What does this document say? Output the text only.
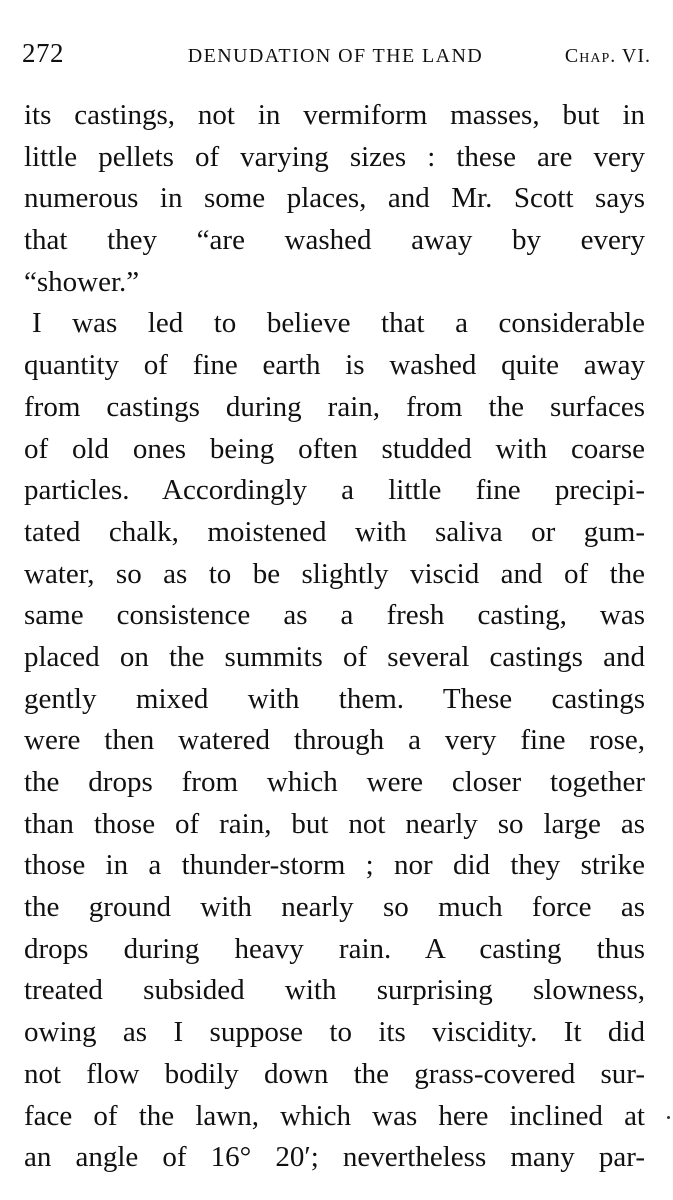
272	DENUDATION OF THE LAND	Chap. VI.
its castings, not in vermiform masses, but in
little pellets of varying sizes : these are very
numerous in some places, and Mr. Scott says
that they “are washed away by every
“shower.”
I was led to believe that a considerable
quantity of fine earth is washed quite away
from castings during rain, from the surfaces
of old ones being often studded with coarse
particles. Accordingly a little fine precipi-
tated chalk, moistened with saliva or gum-
water, so as to be slightly viscid and of the
same consistence as a fresh casting, was
placed on the summits of several castings and
gently mixed with them. These castings
were then watered through a very fine rose,
the drops from which were closer together
than those of rain, but not nearly so large as
those in a thunder-storm ; nor did they strike
the ground with nearly so much force as
drops during heavy rain. A casting thus
treated subsided with surprising slowness,
owing as I suppose to its viscidity. It did
not flow bodily down the grass-covered sur-
face of the lawn, which was here inclined at
an angle of 16° 20′; nevertheless many par-
